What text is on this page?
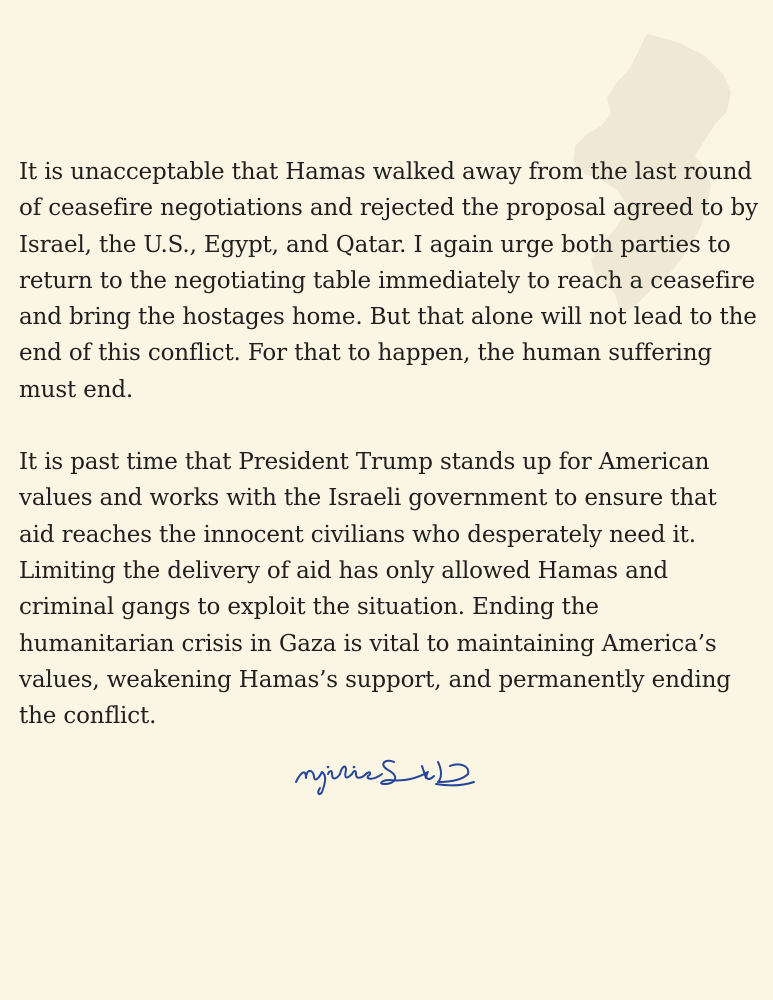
It is unacceptable that Hamas walked away from the last round of ceasefire negotiations and rejected the proposal agreed to by Israel, the U.S., Egypt, and Qatar. I again urge both parties to return to the negotiating table immediately to reach a ceasefire and bring the hostages home. But that alone will not lead to the end of this conflict. For that to happen, the human suffering must end.

It is past time that President Trump stands up for American values and works with the Israeli government to ensure that aid reaches the innocent civilians who desperately need it. Limiting the delivery of aid has only allowed Hamas and criminal gangs to exploit the situation. Ending the humanitarian crisis in Gaza is vital to maintaining America’s values, weakening Hamas’s support, and permanently ending the conflict.
